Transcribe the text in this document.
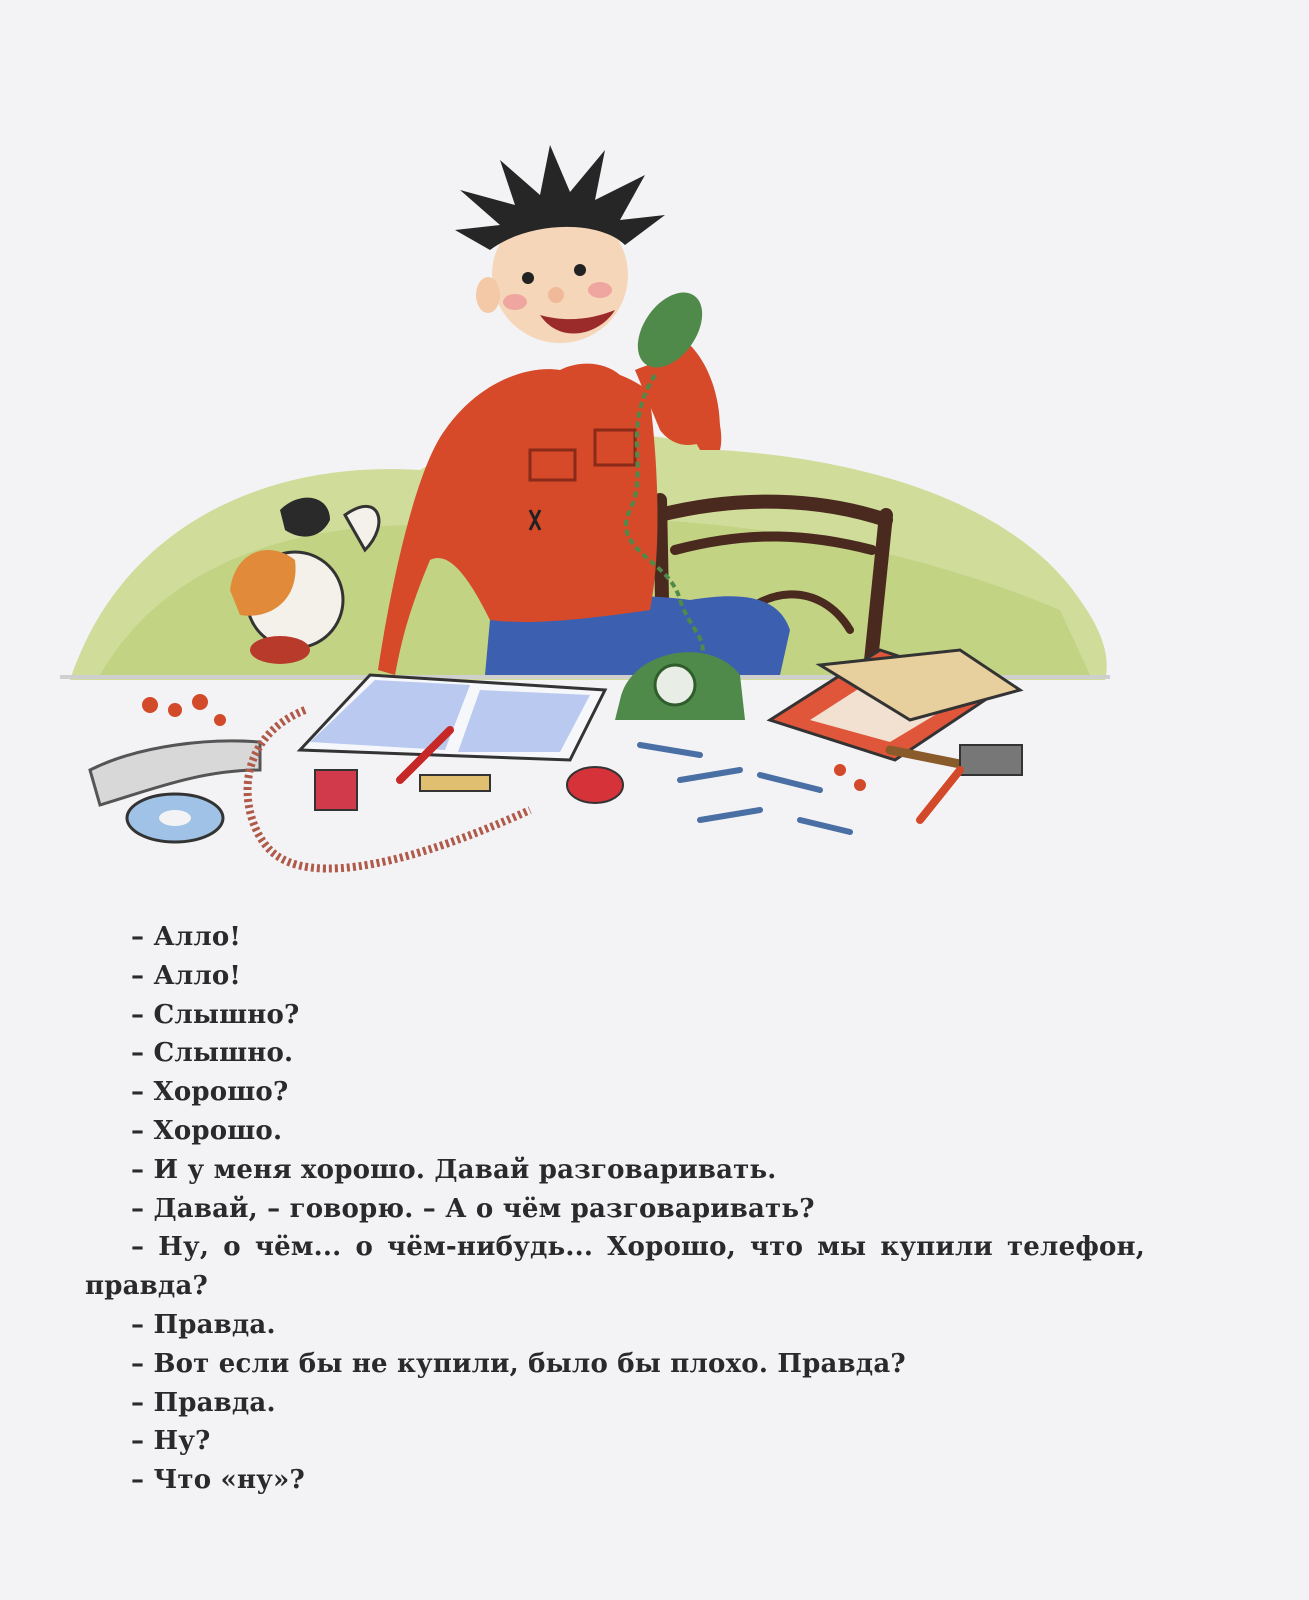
– Алло!

– Алло!

– Слышно?

– Слышно.

– Хорошо?

– Хорошо.

– И у меня хорошо. Давай разговаривать.

– Давай, – говорю. – А о чём разговаривать?

– Ну, о чём... о чём-нибудь... Хорошо, что мы купили телефон,

правда?

– Правда.

– Вот если бы не купили, было бы плохо. Правда?

– Правда.

– Ну?

– Что «ну»?
